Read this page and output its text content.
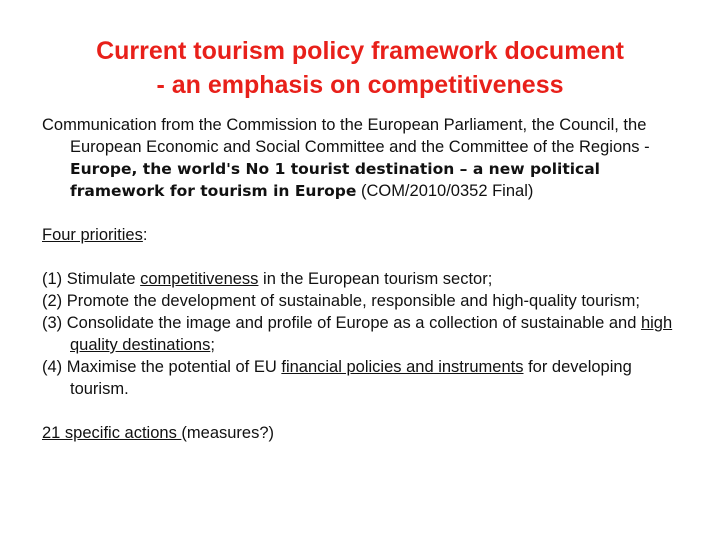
Current tourism policy framework document
- an emphasis on competitiveness

Communication from the Commission to the European Parliament, the Council, the European Economic and Social Committee and the Committee of the Regions - Europe, the world's No 1 tourist destination – a new political framework for tourism in Europe (COM/2010/0352 Final)

Four priorities:

(1) Stimulate competitiveness in the European tourism sector;

(2) Promote the development of sustainable, responsible and high-quality tourism;

(3) Consolidate the image and profile of Europe as a collection of sustainable and high quality destinations;

(4) Maximise the potential of EU financial policies and instruments for developing tourism.

21 specific actions (measures?)
